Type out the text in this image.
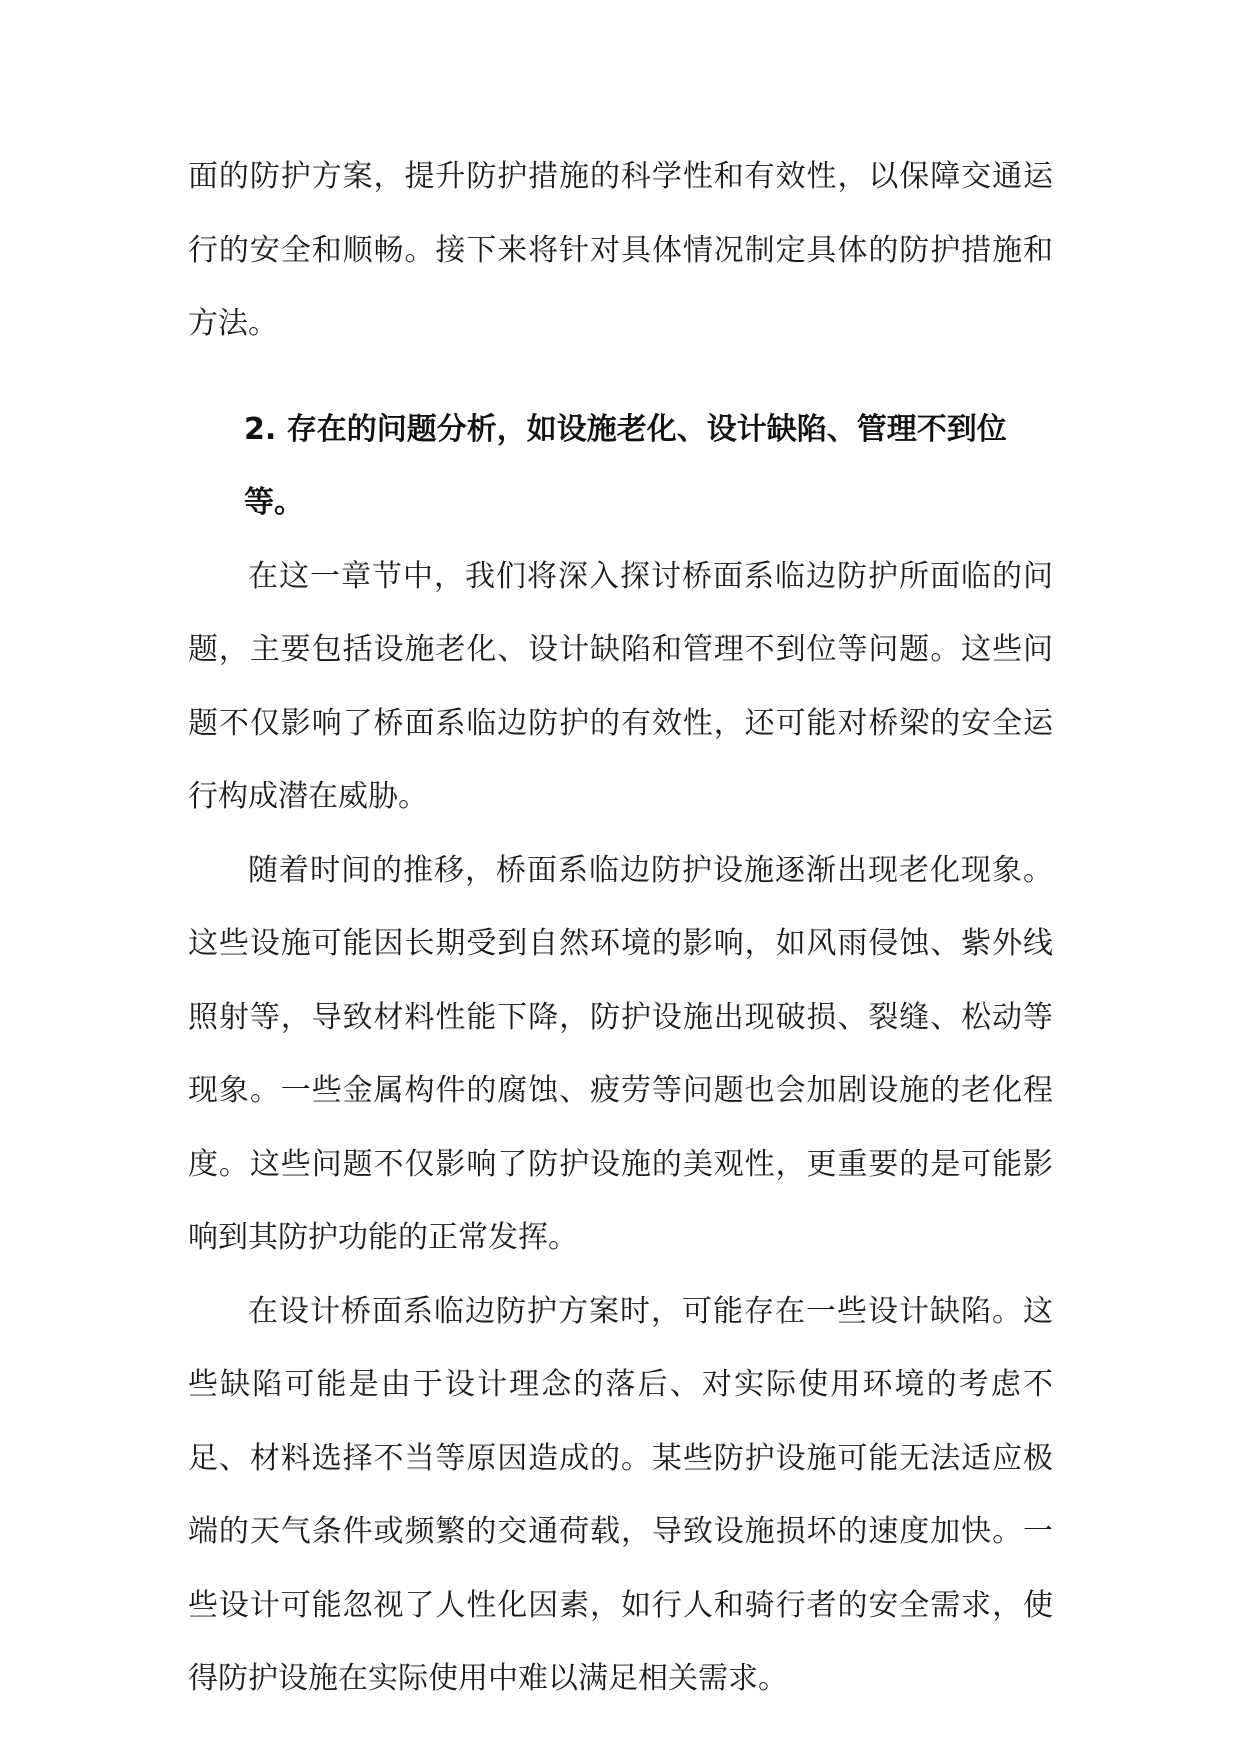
面的防护方案，提升防护措施的科学性和有效性，以保障交通运行的安全和顺畅。接下来将针对具体情况制定具体的防护措施和方法。

2. 存在的问题分析，如设施老化、设计缺陷、管理不到位等。

在这一章节中，我们将深入探讨桥面系临边防护所面临的问题，主要包括设施老化、设计缺陷和管理不到位等问题。这些问题不仅影响了桥面系临边防护的有效性，还可能对桥梁的安全运行构成潜在威胁。

随着时间的推移，桥面系临边防护设施逐渐出现老化现象。这些设施可能因长期受到自然环境的影响，如风雨侵蚀、紫外线照射等，导致材料性能下降，防护设施出现破损、裂缝、松动等现象。一些金属构件的腐蚀、疲劳等问题也会加剧设施的老化程度。这些问题不仅影响了防护设施的美观性，更重要的是可能影响到其防护功能的正常发挥。

在设计桥面系临边防护方案时，可能存在一些设计缺陷。这些缺陷可能是由于设计理念的落后、对实际使用环境的考虑不足、材料选择不当等原因造成的。某些防护设施可能无法适应极端的天气条件或频繁的交通荷载，导致设施损坏的速度加快。一些设计可能忽视了人性化因素，如行人和骑行者的安全需求，使得防护设施在实际使用中难以满足相关需求。
